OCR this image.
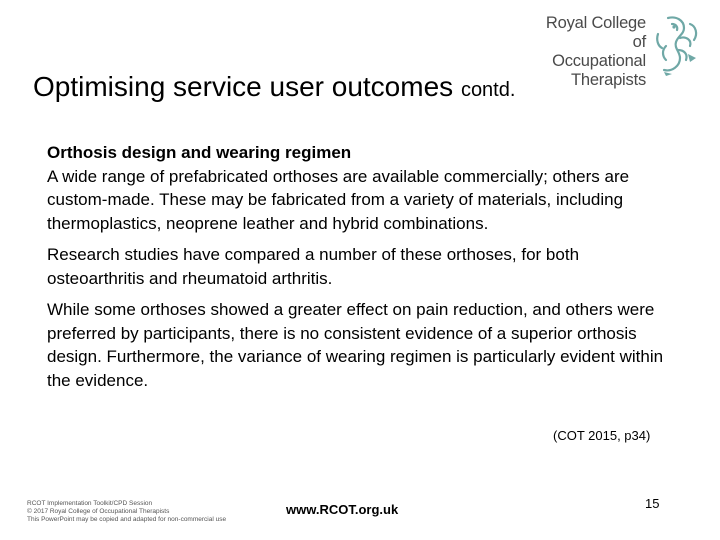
Royal College of
Occupational
Therapists
Optimising service user outcomes contd.

Orthosis design and wearing regimen
A wide range of prefabricated orthoses are available commercially; others are custom-made. These may be fabricated from a variety of materials, including thermoplastics, neoprene leather and hybrid combinations.

Research studies have compared a number of these orthoses, for both osteoarthritis and rheumatoid arthritis.

While some orthoses showed a greater effect on pain reduction, and others were preferred by participants, there is no consistent evidence of a superior orthosis design. Furthermore, the variance of wearing regimen is particularly evident within the evidence.

(COT 2015, p34)
RCOT Implementation Toolkit/CPD Session
© 2017 Royal College of Occupational Therapists
This PowerPoint may be copied and adapted for non-commercial use
www.RCOT.org.uk	15
